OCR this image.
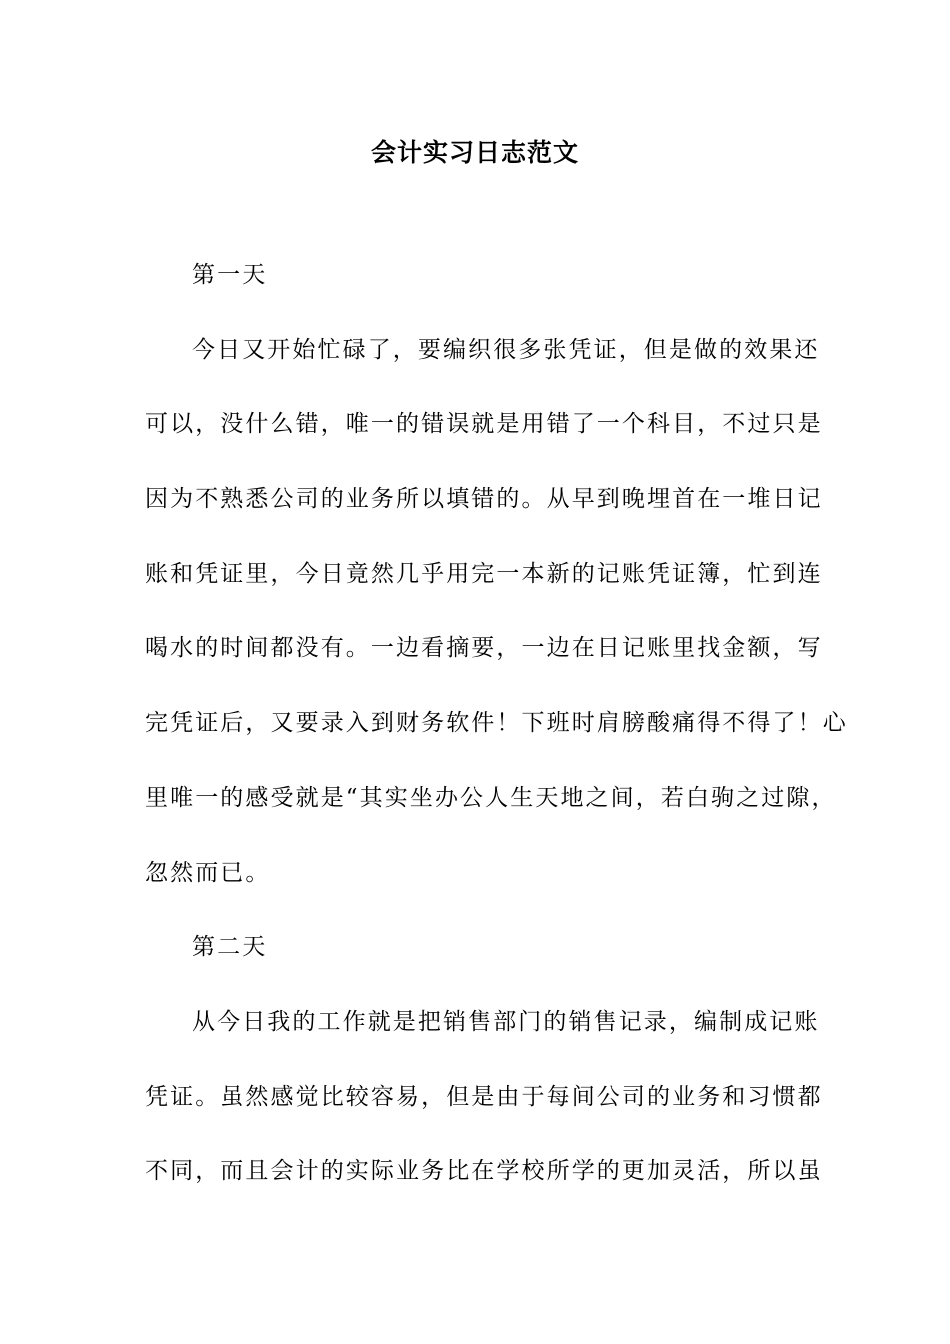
会计实习日志范文
第一天
今日又开始忙碌了，要编织很多张凭证，但是做的效果还
可以，没什么错，唯一的错误就是用错了一个科目，不过只是
因为不熟悉公司的业务所以填错的。从早到晚埋首在一堆日记
账和凭证里，今日竟然几乎用完一本新的记账凭证簿，忙到连
喝水的时间都没有。一边看摘要，一边在日记账里找金额，写
完凭证后，又要录入到财务软件！下班时肩膀酸痛得不得了！心
里唯一的感受就是“其实坐办公人生天地之间，若白驹之过隙，
忽然而已。
第二天
从今日我的工作就是把销售部门的销售记录，编制成记账
凭证。虽然感觉比较容易，但是由于每间公司的业务和习惯都
不同，而且会计的实际业务比在学校所学的更加灵活，所以虽
